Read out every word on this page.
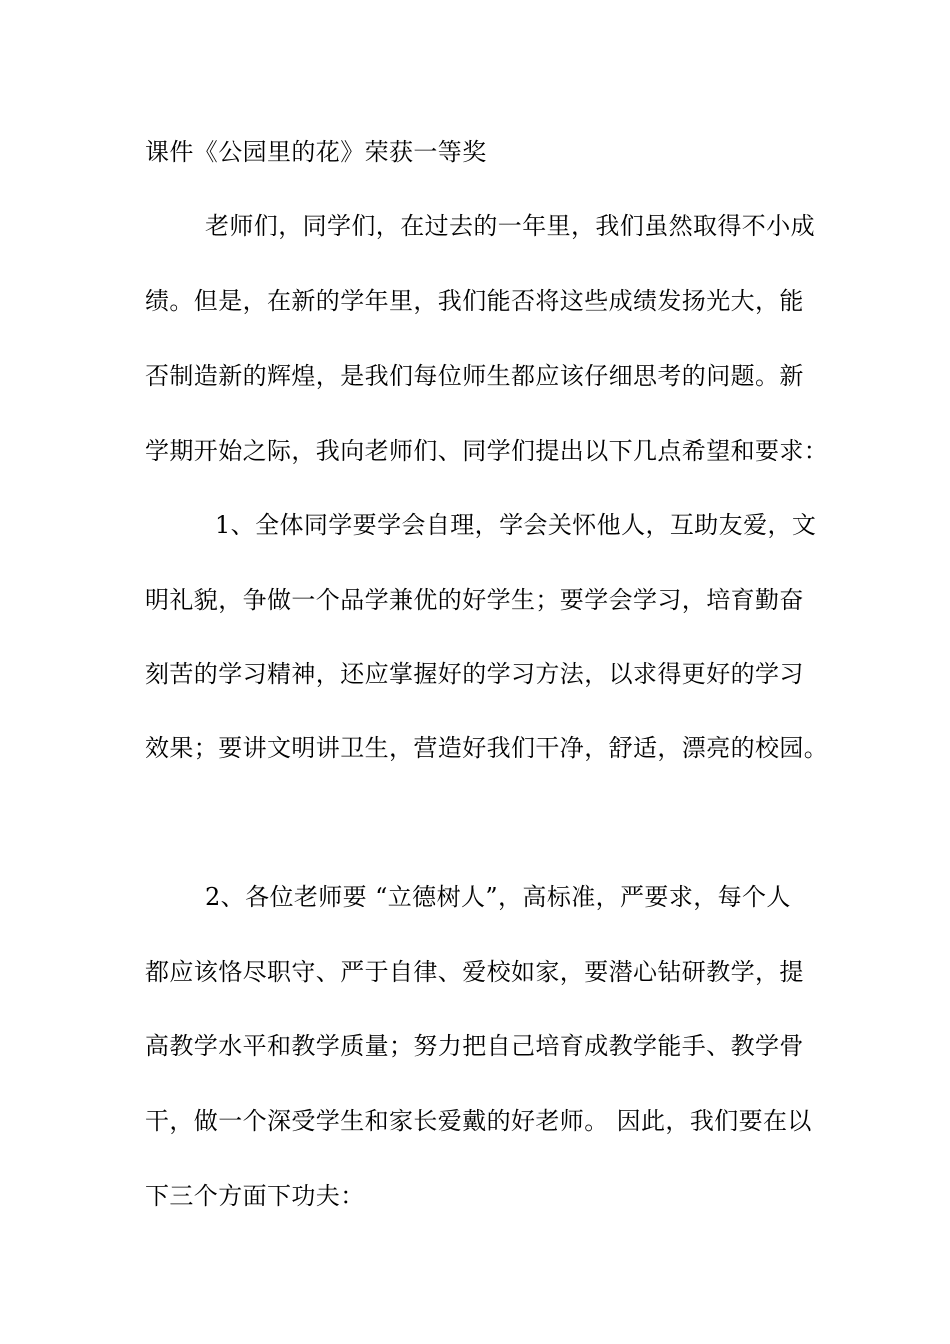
课件《公园里的花》荣获一等奖
老师们，同学们，在过去的一年里，我们虽然取得不小成
绩。但是，在新的学年里，我们能否将这些成绩发扬光大，能
否制造新的辉煌，是我们每位师生都应该仔细思考的问题。新
学期开始之际，我向老师们、同学们提出以下几点希望和要求：
1、全体同学要学会自理，学会关怀他人，互助友爱，文
明礼貌，争做一个品学兼优的好学生；要学会学习，培育勤奋
刻苦的学习精神，还应掌握好的学习方法，以求得更好的学习
效果；要讲文明讲卫生，营造好我们干净，舒适，漂亮的校园。
2、各位老师要 “立德树人”，高标准，严要求，每个人
都应该恪尽职守、严于自律、爱校如家，要潜心钻研教学，提
高教学水平和教学质量；努力把自己培育成教学能手、教学骨
干，做一个深受学生和家长爱戴的好老师。 因此，我们要在以
下三个方面下功夫：
